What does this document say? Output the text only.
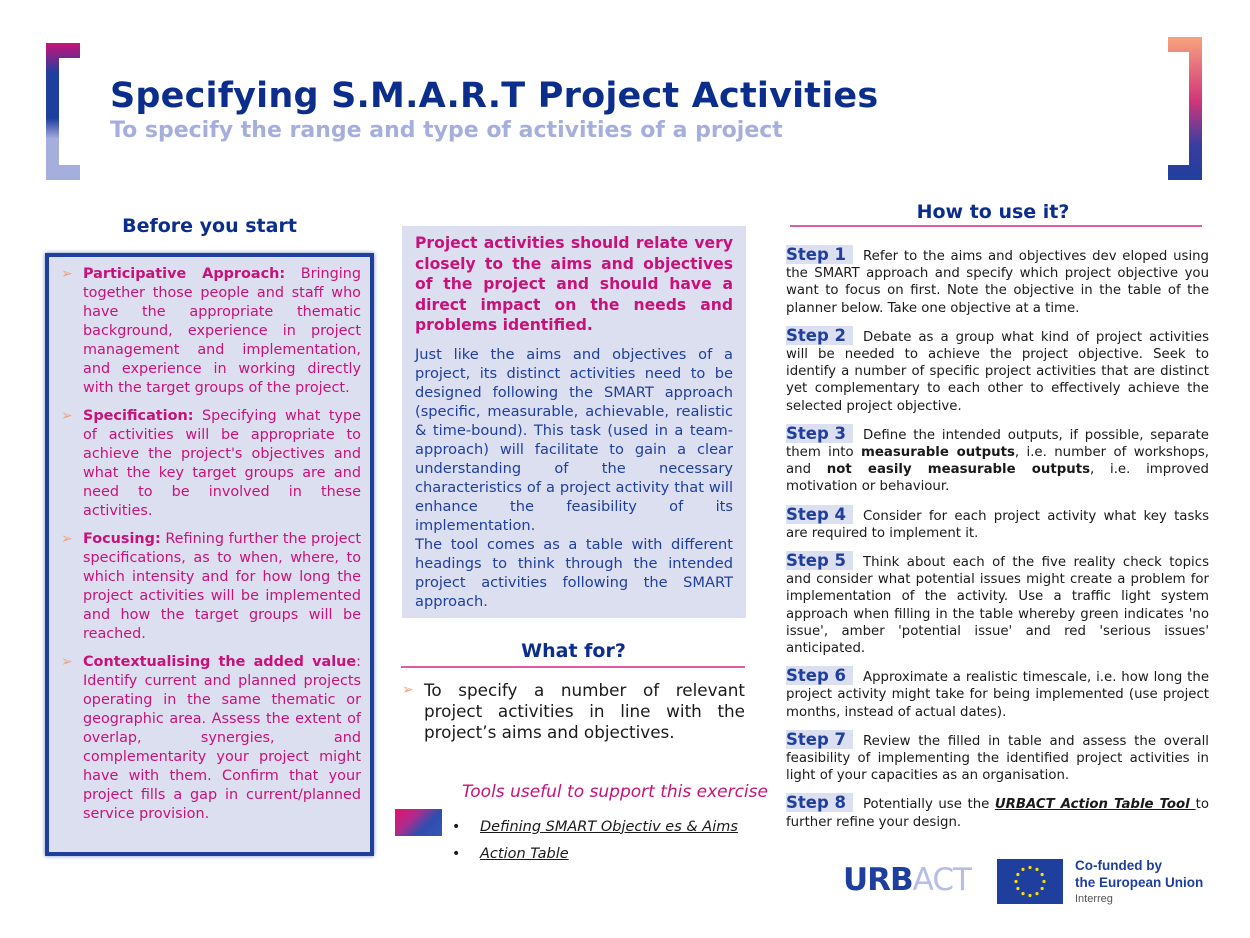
Specifying S.M.A.R.T Project Activities
To specify the range and type of activities of a project
Before you start
➢ Participative Approach: Bringing together those people and staff who have the appropriate thematic background, experience in project management and implementation, and experience in working directly with the target groups of the project.
➢ Specification: Specifying what type of activities will be appropriate to achieve the project's objectives and what the key target groups are and need to be involved in these activities.
➢ Focusing: Refining further the project specifications, as to when, where, to which intensity and for how long the project activities will be implemented and how the target groups will be reached.
➢ Contextualising the added value: Identify current and planned projects operating in the same thematic or geographic area. Assess the extent of overlap, synergies, and complementarity your project might have with them. Confirm that your project fills a gap in current/planned service provision.
Project activities should relate very closely to the aims and objectives of the project and should have a direct impact on the needs and problems identified.

Just like the aims and objectives of a project, its distinct activities need to be designed following the SMART approach (specific, measurable, achievable, realistic & time-bound). This task (used in a team-approach) will facilitate to gain a clear understanding of the necessary characteristics of a project activity that will enhance the feasibility of its implementation.

The tool comes as a table with different headings to think through the intended project activities following the SMART approach.

What for?
➢ To specify a number of relevant project activities in line with the project’s aims and objectives.
Tools useful to support this exercise
•	Defining SMART Objectiv es & Aims
•	Action Table
How to use it?
Step 1 Refer to the aims and objectives dev eloped using the SMART approach and specify which project objective you want to focus on first. Note the objective in the table of the planner below. Take one objective at a time.
Step 2 Debate as a group what kind of project activities will be needed to achieve the project objective. Seek to identify a number of specific project activities that are distinct yet complementary to each other to effectively achieve the selected project objective.
Step 3 Define the intended outputs, if possible, separate them into measurable outputs, i.e. number of workshops, and not easily measurable outputs, i.e. improved motivation or behaviour.
Step 4 Consider for each project activity what key tasks are required to implement it.
Step 5 Think about each of the five reality check topics and consider what potential issues might create a problem for implementation of the activity. Use a traffic light system approach when filling in the table whereby green indicates 'no issue', amber 'potential issue' and red 'serious issues' anticipated.
Step 6 Approximate a realistic timescale, i.e. how long the project activity might take for being implemented (use project months, instead of actual dates).
Step 7 Review the filled in table and assess the overall feasibility of implementing the identified project activities in light of your capacities as an organisation.
Step 8 Potentially use the URBACT Action Table Tool to further refine your design.
URBACT	Co-funded by
the European Union
Interreg
